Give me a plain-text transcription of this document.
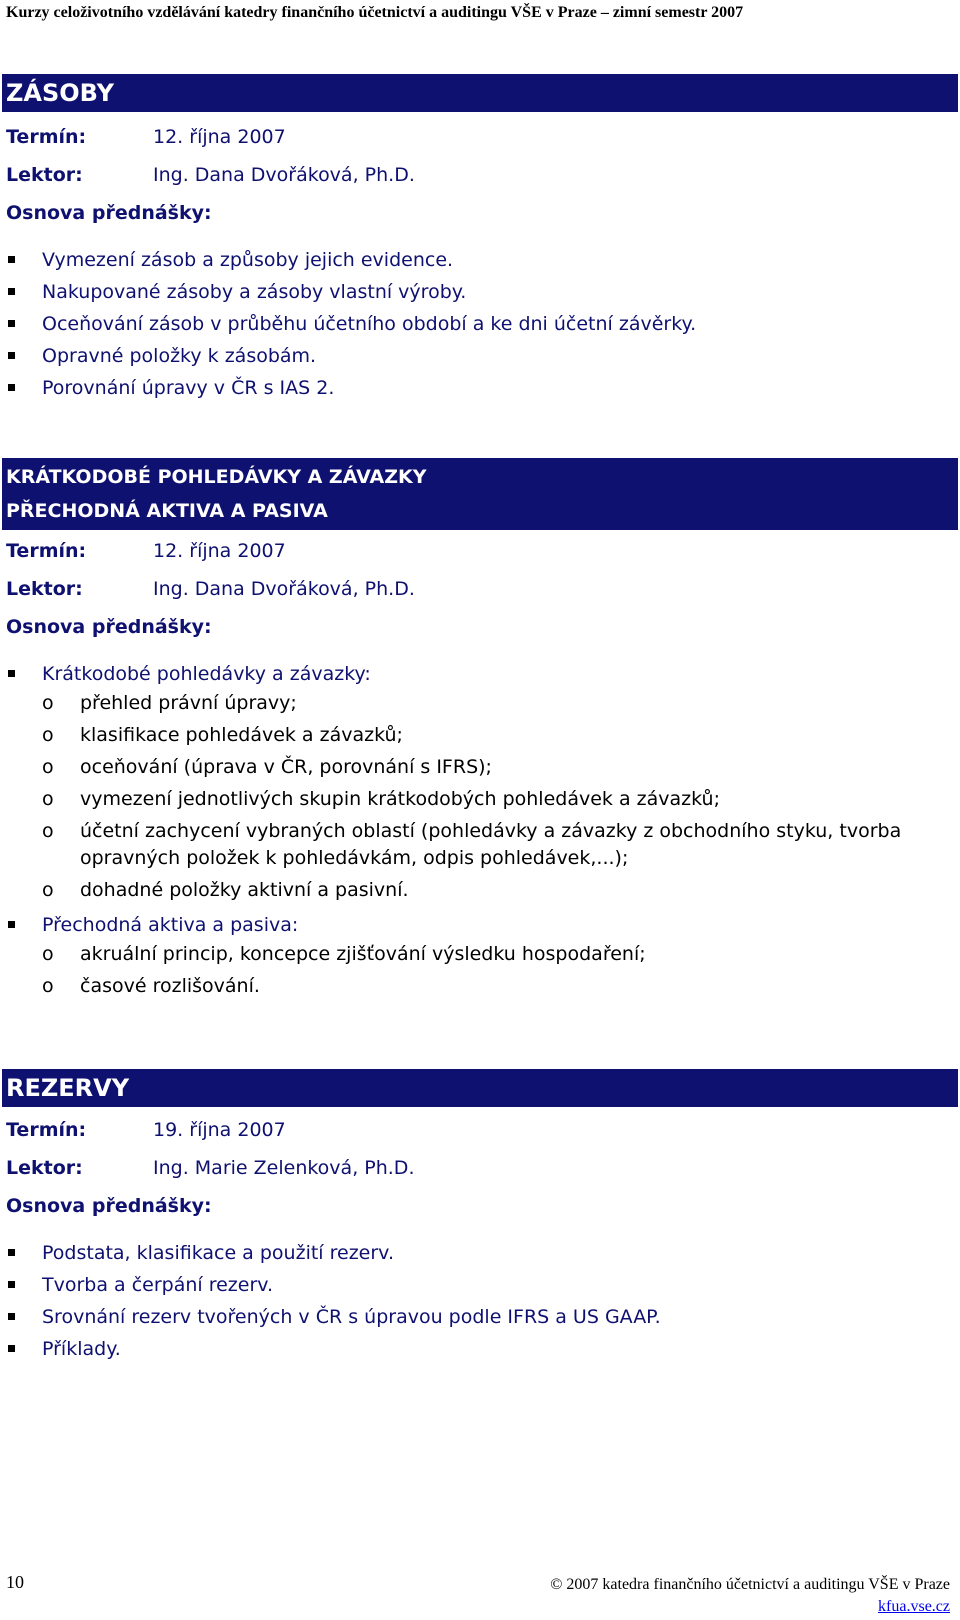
Kurzy celoživotního vzdělávání katedry finančního účetnictví a auditingu VŠE v Praze – zimní semestr 2007
ZÁSOBY
Termín:	12. října 2007
Lektor:	Ing. Dana Dvořáková, Ph.D.
Osnova přednášky:
Vymezení zásob a způsoby jejich evidence.
Nakupované zásoby a zásoby vlastní výroby.
Oceňování zásob v průběhu účetního období a ke dni účetní závěrky.
Opravné položky k zásobám.
Porovnání úpravy v ČR s IAS 2.
KRÁTKODOBÉ POHLEDÁVKY A ZÁVAZKY
PŘECHODNÁ AKTIVA A PASIVA
Termín:	12. října 2007
Lektor:	Ing. Dana Dvořáková, Ph.D.
Osnova přednášky:
Krátkodobé pohledávky a závazky:
o přehled právní úpravy;
o klasifikace pohledávek a závazků;
o oceňování (úprava v ČR, porovnání s IFRS);
o vymezení jednotlivých skupin krátkodobých pohledávek a závazků;
o účetní zachycení vybraných oblastí (pohledávky a závazky z obchodního styku, tvorba opravných položek k pohledávkám, odpis pohledávek,...);
o dohadné položky aktivní a pasivní.
Přechodná aktiva a pasiva:
o akruální princip, koncepce zjišťování výsledku hospodaření;
o časové rozlišování.
REZERVY
Termín:	19. října 2007
Lektor:	Ing. Marie Zelenková, Ph.D.
Osnova přednášky:
Podstata, klasifikace a použití rezerv.
Tvorba a čerpání rezerv.
Srovnání rezerv tvořených v ČR s úpravou podle IFRS a US GAAP.
Příklady.
10	© 2007 katedra finančního účetnictví a auditingu VŠE v Praze
kfua.vse.cz
